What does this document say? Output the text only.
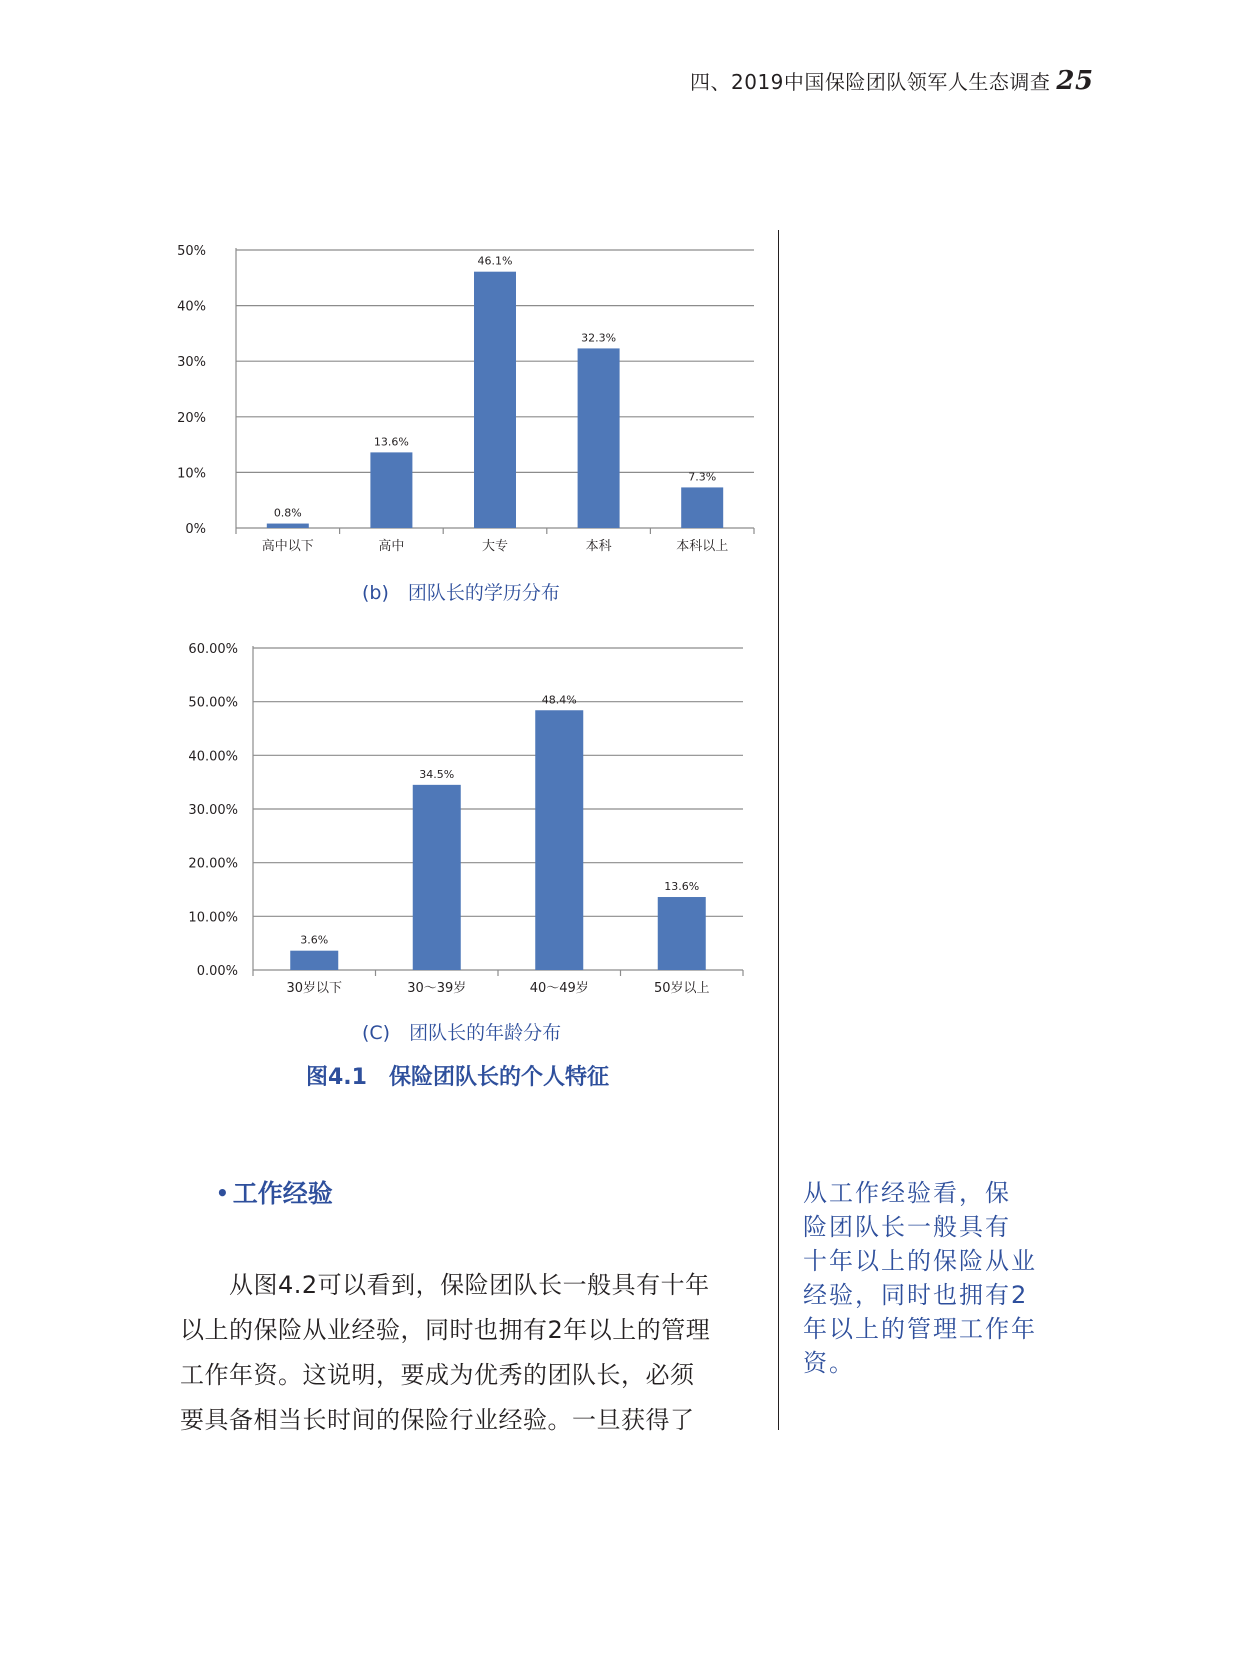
四、2019中国保险团队领军人生态调查 25
0%
10%
20%
30%
40%
50%
0.8%
高中以下
13.6%
高中
46.1%
大专
32.3%
本科
7.3%
本科以上
(b)　团队长的学历分布
0.00%
10.00%
20.00%
30.00%
40.00%
50.00%
60.00%
3.6%
30岁以下
34.5%
30～39岁
48.4%
40～49岁
13.6%
50岁以上
(C)　团队长的年龄分布
图4.1　保险团队长的个人特征
• 工作经验

　　从图4.2可以看到，保险团队长一般具有十年

以上的保险从业经验，同时也拥有2年以上的管理

工作年资。这说明，要成为优秀的团队长，必须

要具备相当长时间的保险行业经验。一旦获得了

从工作经验看，保

险团队长一般具有

十年以上的保险从业

经验，同时也拥有2

年以上的管理工作年

资。
